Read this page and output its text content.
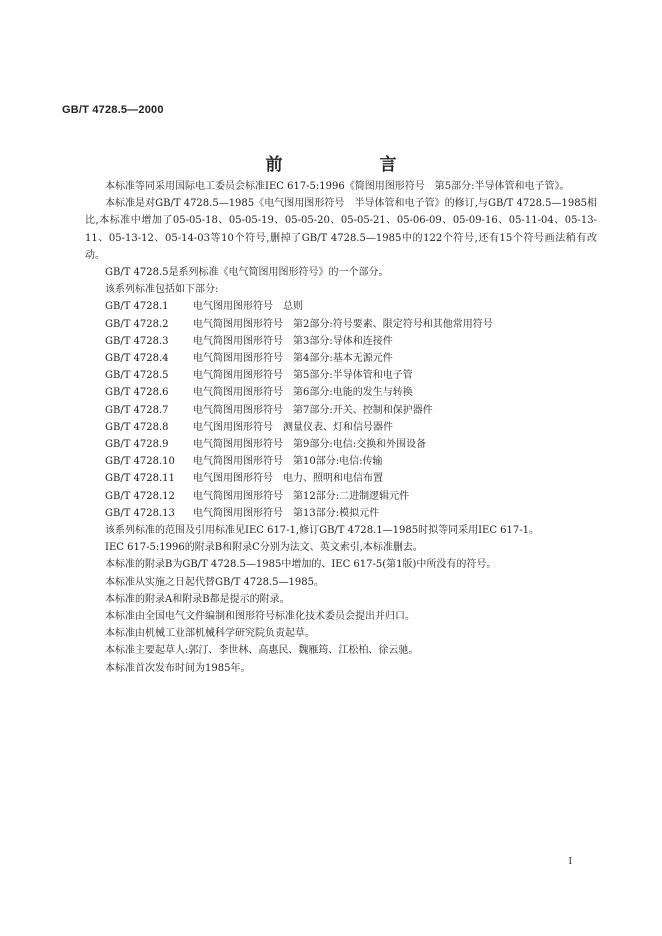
GB/T 4728.5—2000
前　言

本标准等同采用国际电工委员会标准IEC 617-5:1996《简图用图形符号　第5部分:半导体管和电子管》。

本标准是对GB/T 4728.5—1985《电气图用图形符号　半导体管和电子管》的修订,与GB/T 4728.5—1985相比,本标准中增加了05-05-18、05-05-19、05-05-20、05-05-21、05-06-09、05-09-16、05-11-04、05-13-11、05-13-12、05-14-03等10个符号,删掉了GB/T 4728.5—1985中的122个符号,还有15个符号画法稍有改动。

GB/T 4728.5是系列标准《电气简图用图形符号》的一个部分。

该系列标准包括如下部分:

GB/T 4728.1 电气图用图形符号　总则
GB/T 4728.2 电气简图用图形符号　第2部分:符号要素、限定符号和其他常用符号
GB/T 4728.3 电气简图用图形符号　第3部分:导体和连接件
GB/T 4728.4 电气简图用图形符号　第4部分:基本无源元件
GB/T 4728.5 电气简图用图形符号　第5部分:半导体管和电子管
GB/T 4728.6 电气简图用图形符号　第6部分:电能的发生与转换
GB/T 4728.7 电气简图用图形符号　第7部分:开关、控制和保护器件
GB/T 4728.8 电气图用图形符号　测量仪表、灯和信号器件
GB/T 4728.9 电气简图用图形符号　第9部分:电信:交换和外围设备
GB/T 4728.10 电气简图用图形符号　第10部分:电信:传输
GB/T 4728.11 电气图用图形符号　电力、照明和电信布置
GB/T 4728.12 电气简图用图形符号　第12部分:二进制逻辑元件
GB/T 4728.13 电气简图用图形符号　第13部分:模拟元件

该系列标准的范围及引用标准见IEC 617-1,修订GB/T 4728.1—1985时拟等同采用IEC 617-1。

IEC 617-5:1996的附录B和附录C分别为法文、英文索引,本标准删去。

本标准的附录B为GB/T 4728.5—1985中增加的、IEC 617-5(第1版)中所没有的符号。

本标准从实施之日起代替GB/T 4728.5—1985。

本标准的附录A和附录B都是提示的附录。

本标准由全国电气文件编制和图形符号标准化技术委员会提出并归口。

本标准由机械工业部机械科学研究院负责起草。

本标准主要起草人:郭汀、李世林、高惠民、魏雁筠、江松柏、徐云驰。

本标准首次发布时间为1985年。

I
